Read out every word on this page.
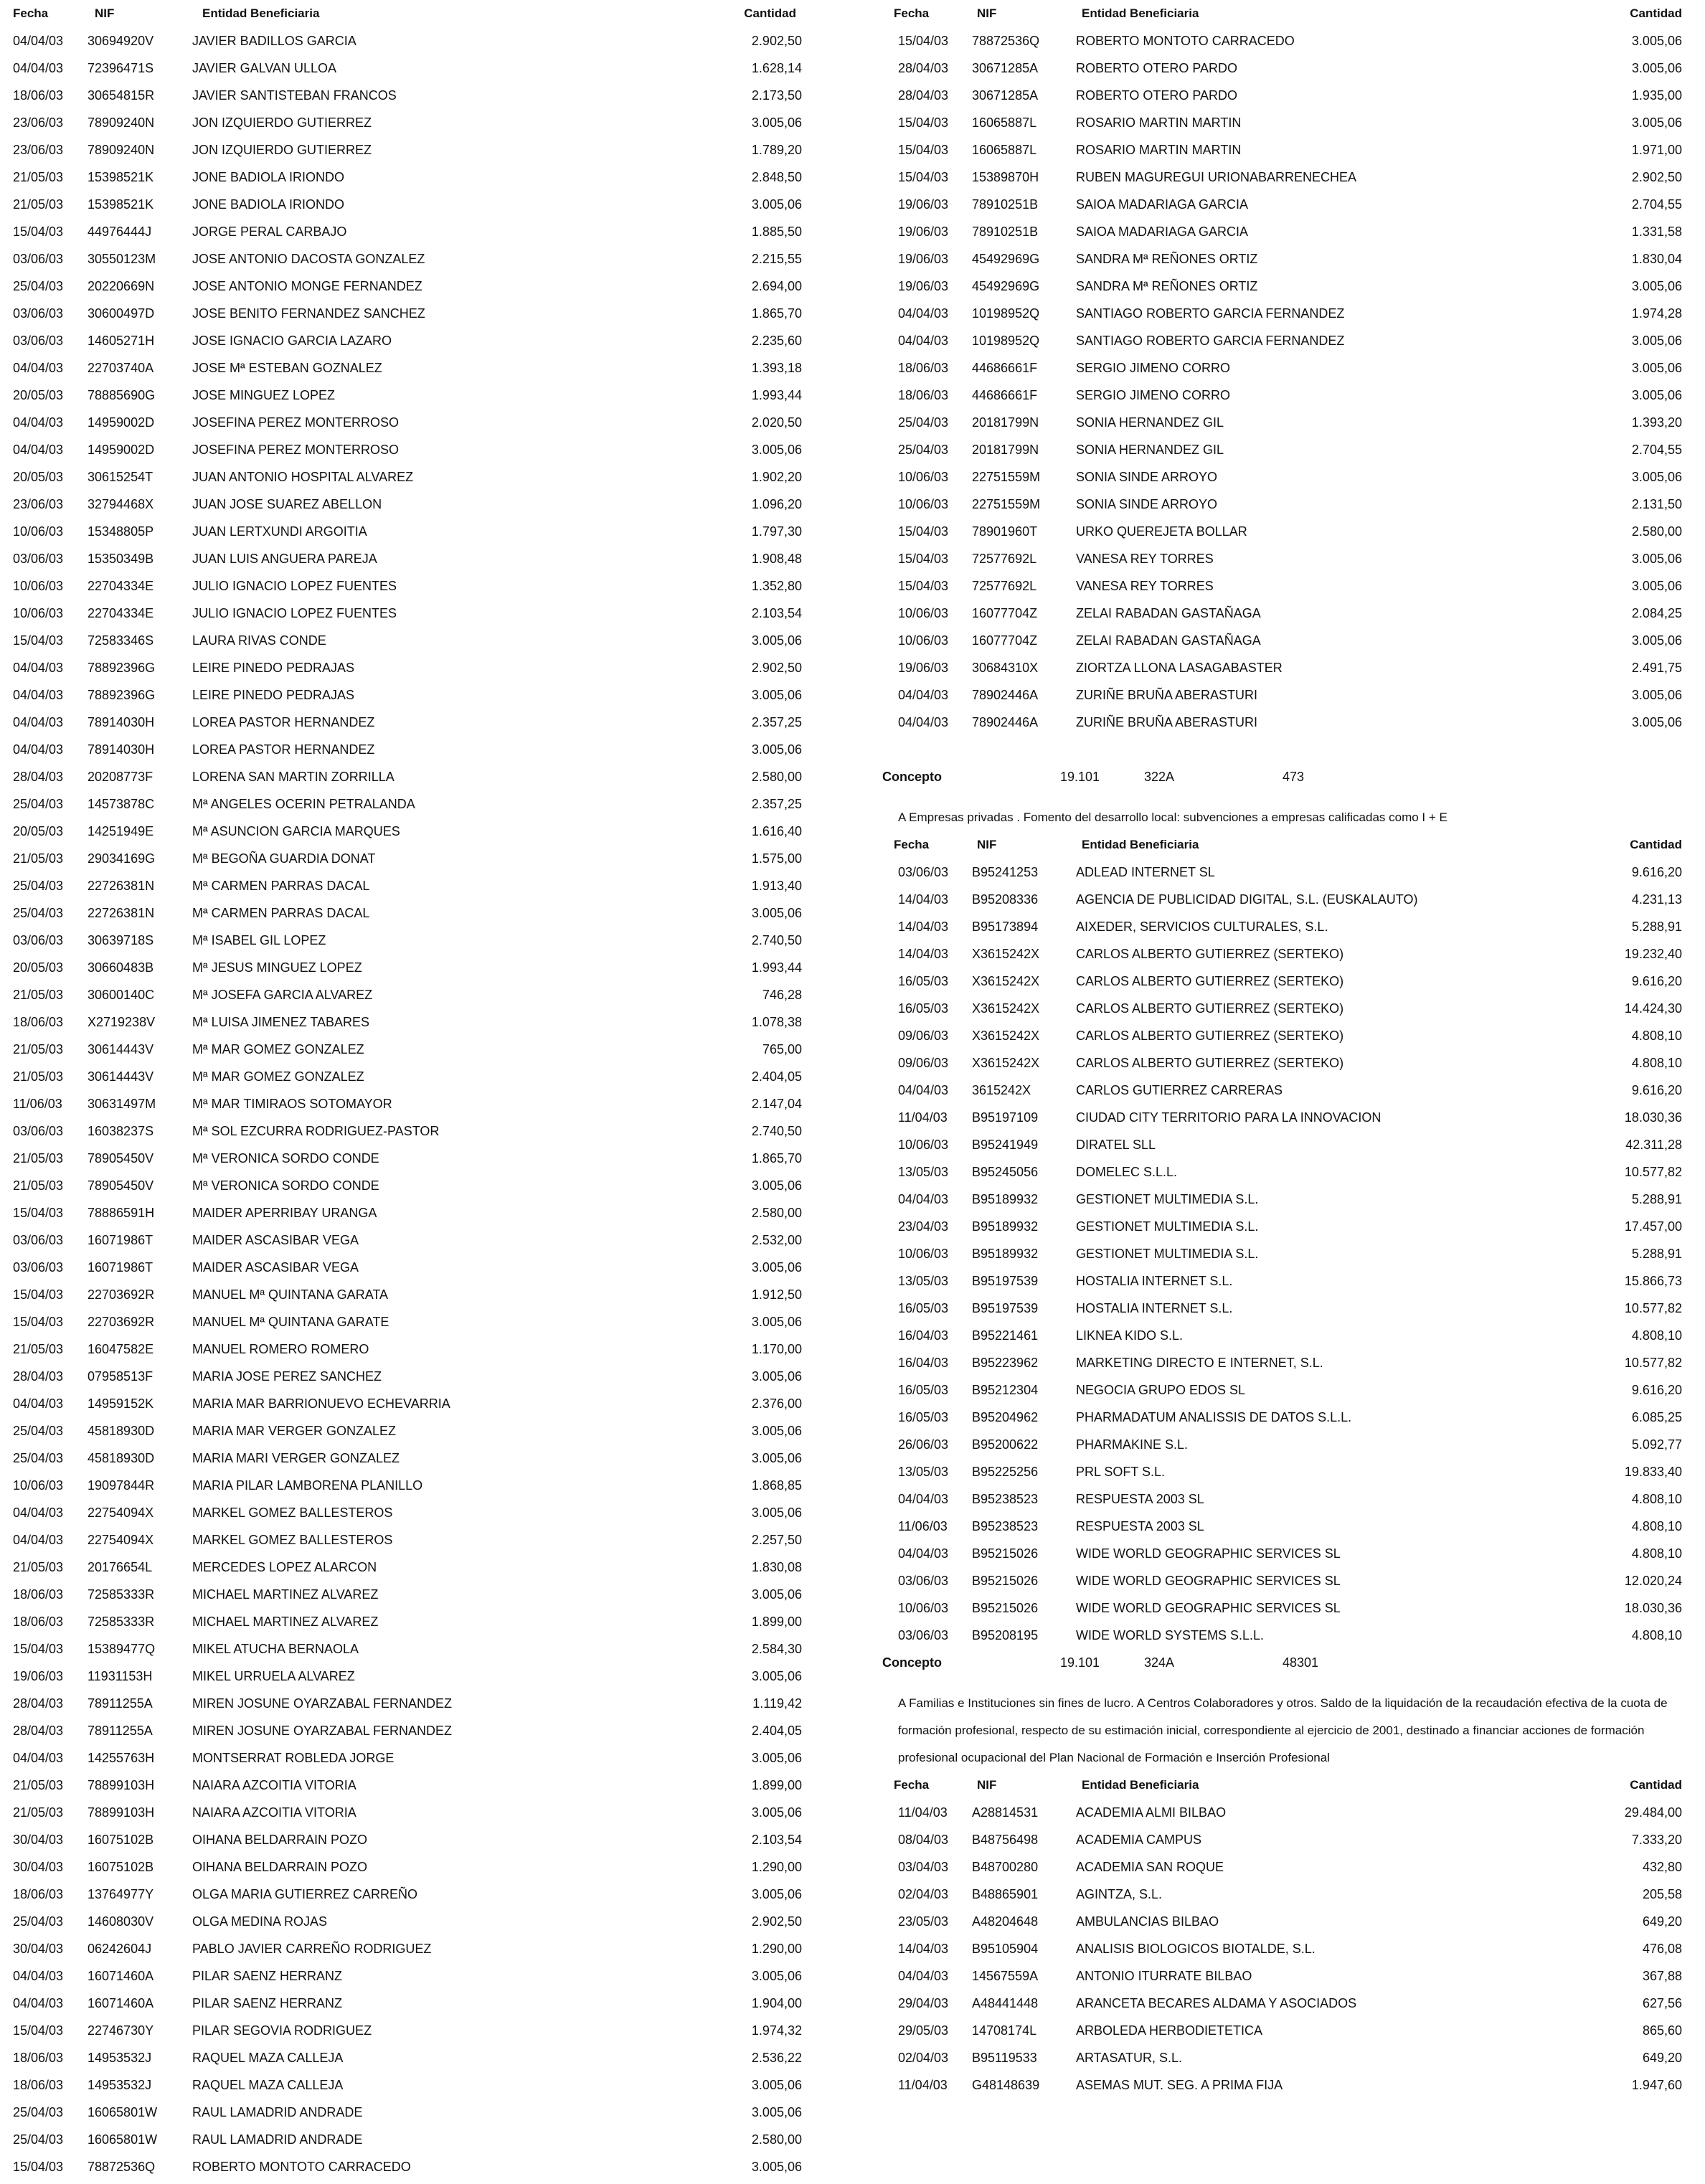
Fecha	NIF	Entidad Beneficiaria	Cantidad
04/04/03 30694920V	JAVIER BADILLOS GARCIA	2.902,50
04/04/03 72396471S	JAVIER GALVAN ULLOA	1.628,14
18/06/03 30654815R	JAVIER SANTISTEBAN FRANCOS	2.173,50
23/06/03 78909240N	JON IZQUIERDO GUTIERREZ	3.005,06
23/06/03 78909240N	JON IZQUIERDO GUTIERREZ	1.789,20
21/05/03 15398521K	JONE BADIOLA IRIONDO	2.848,50
21/05/03 15398521K	JONE BADIOLA IRIONDO	3.005,06
15/04/03 44976444J	JORGE PERAL CARBAJO	1.885,50
03/06/03 30550123M	JOSE ANTONIO DACOSTA GONZALEZ	2.215,55
25/04/03 20220669N	JOSE ANTONIO MONGE FERNANDEZ	2.694,00
03/06/03 30600497D	JOSE BENITO FERNANDEZ SANCHEZ	1.865,70
03/06/03 14605271H	JOSE IGNACIO GARCIA LAZARO	2.235,60
04/04/03 22703740A	JOSE Mª ESTEBAN GOZNALEZ	1.393,18
20/05/03 78885690G	JOSE MINGUEZ LOPEZ	1.993,44
04/04/03 14959002D	JOSEFINA PEREZ MONTERROSO	2.020,50
04/04/03 14959002D	JOSEFINA PEREZ MONTERROSO	3.005,06
20/05/03 30615254T	JUAN ANTONIO HOSPITAL ALVAREZ	1.902,20
23/06/03 32794468X	JUAN JOSE SUAREZ ABELLON	1.096,20
10/06/03 15348805P	JUAN LERTXUNDI ARGOITIA	1.797,30
03/06/03 15350349B	JUAN LUIS ANGUERA PAREJA	1.908,48
10/06/03 22704334E	JULIO IGNACIO LOPEZ FUENTES	1.352,80
10/06/03 22704334E	JULIO IGNACIO LOPEZ FUENTES	2.103,54
15/04/03 72583346S	LAURA RIVAS CONDE	3.005,06
04/04/03 78892396G	LEIRE PINEDO PEDRAJAS	2.902,50
04/04/03 78892396G	LEIRE PINEDO PEDRAJAS	3.005,06
04/04/03 78914030H	LOREA PASTOR HERNANDEZ	2.357,25
04/04/03 78914030H	LOREA PASTOR HERNANDEZ	3.005,06
28/04/03 20208773F	LORENA SAN MARTIN ZORRILLA	2.580,00
25/04/03 14573878C	Mª ANGELES OCERIN PETRALANDA	2.357,25
20/05/03 14251949E	Mª ASUNCION GARCIA MARQUES	1.616,40
21/05/03 29034169G	Mª BEGOÑA GUARDIA DONAT	1.575,00
25/04/03 22726381N	Mª CARMEN PARRAS DACAL	1.913,40
25/04/03 22726381N	Mª CARMEN PARRAS DACAL	3.005,06
03/06/03 30639718S	Mª ISABEL GIL LOPEZ	2.740,50
20/05/03 30660483B	Mª JESUS MINGUEZ LOPEZ	1.993,44
21/05/03 30600140C	Mª JOSEFA GARCIA ALVAREZ	746,28
18/06/03 X2719238V	Mª LUISA JIMENEZ TABARES	1.078,38
21/05/03 30614443V	Mª MAR GOMEZ GONZALEZ	765,00
21/05/03 30614443V	Mª MAR GOMEZ GONZALEZ	2.404,05
11/06/03 30631497M	Mª MAR TIMIRAOS SOTOMAYOR	2.147,04
03/06/03 16038237S	Mª SOL EZCURRA RODRIGUEZ-PASTOR	2.740,50
21/05/03 78905450V	Mª VERONICA SORDO CONDE	1.865,70
21/05/03 78905450V	Mª VERONICA SORDO CONDE	3.005,06
15/04/03 78886591H	MAIDER APERRIBAY URANGA	2.580,00
03/06/03 16071986T	MAIDER ASCASIBAR VEGA	2.532,00
03/06/03 16071986T	MAIDER ASCASIBAR VEGA	3.005,06
15/04/03 22703692R	MANUEL Mª QUINTANA GARATA	1.912,50
15/04/03 22703692R	MANUEL Mª QUINTANA GARATE	3.005,06
21/05/03 16047582E	MANUEL ROMERO ROMERO	1.170,00
28/04/03 07958513F	MARIA JOSE PEREZ SANCHEZ	3.005,06
04/04/03 14959152K	MARIA MAR BARRIONUEVO ECHEVARRIA	2.376,00
25/04/03 45818930D	MARIA MAR VERGER GONZALEZ	3.005,06
25/04/03 45818930D	MARIA MARI VERGER GONZALEZ	3.005,06
10/06/03 19097844R	MARIA PILAR LAMBORENA PLANILLO	1.868,85
04/04/03 22754094X	MARKEL GOMEZ BALLESTEROS	3.005,06
04/04/03 22754094X	MARKEL GOMEZ BALLESTEROS	2.257,50
21/05/03 20176654L	MERCEDES LOPEZ ALARCON	1.830,08
18/06/03 72585333R	MICHAEL MARTINEZ ALVAREZ	3.005,06
18/06/03 72585333R	MICHAEL MARTINEZ ALVAREZ	1.899,00
15/04/03 15389477Q	MIKEL ATUCHA BERNAOLA	2.584,30
19/06/03 11931153H	MIKEL URRUELA ALVAREZ	3.005,06
28/04/03 78911255A	MIREN JOSUNE OYARZABAL FERNANDEZ	1.119,42
28/04/03 78911255A	MIREN JOSUNE OYARZABAL FERNANDEZ	2.404,05
04/04/03 14255763H	MONTSERRAT ROBLEDA JORGE	3.005,06
21/05/03 78899103H	NAIARA AZCOITIA VITORIA	1.899,00
21/05/03 78899103H	NAIARA AZCOITIA VITORIA	3.005,06
30/04/03 16075102B	OIHANA BELDARRAIN POZO	2.103,54
30/04/03 16075102B	OIHANA BELDARRAIN POZO	1.290,00
18/06/03 13764977Y	OLGA MARIA GUTIERREZ CARREÑO	3.005,06
25/04/03 14608030V	OLGA MEDINA ROJAS	2.902,50
30/04/03 06242604J	PABLO JAVIER CARREÑO RODRIGUEZ	1.290,00
04/04/03 16071460A	PILAR SAENZ HERRANZ	3.005,06
04/04/03 16071460A	PILAR SAENZ HERRANZ	1.904,00
15/04/03 22746730Y	PILAR SEGOVIA RODRIGUEZ	1.974,32
18/06/03 14953532J	RAQUEL MAZA CALLEJA	2.536,22
18/06/03 14953532J	RAQUEL MAZA CALLEJA	3.005,06
25/04/03 16065801W	RAUL LAMADRID ANDRADE	3.005,06
25/04/03 16065801W	RAUL LAMADRID ANDRADE	2.580,00
15/04/03 78872536Q	ROBERTO MONTOTO CARRACEDO	3.005,06
Fecha	NIF	Entidad Beneficiaria	Cantidad
15/04/03 78872536Q	ROBERTO MONTOTO CARRACEDO	3.005,06
28/04/03 30671285A	ROBERTO OTERO PARDO	3.005,06
28/04/03 30671285A	ROBERTO OTERO PARDO	1.935,00
15/04/03 16065887L	ROSARIO MARTIN MARTIN	3.005,06
15/04/03 16065887L	ROSARIO MARTIN MARTIN	1.971,00
15/04/03 15389870H	RUBEN MAGUREGUI URIONABARRENECHEA	2.902,50
19/06/03 78910251B	SAIOA MADARIAGA GARCIA	2.704,55
19/06/03 78910251B	SAIOA MADARIAGA GARCIA	1.331,58
19/06/03 45492969G	SANDRA Mª REÑONES ORTIZ	1.830,04
19/06/03 45492969G	SANDRA Mª REÑONES ORTIZ	3.005,06
04/04/03 10198952Q	SANTIAGO ROBERTO GARCIA FERNANDEZ	1.974,28
04/04/03 10198952Q	SANTIAGO ROBERTO GARCIA FERNANDEZ	3.005,06
18/06/03 44686661F	SERGIO JIMENO CORRO	3.005,06
18/06/03 44686661F	SERGIO JIMENO CORRO	3.005,06
25/04/03 20181799N	SONIA HERNANDEZ GIL	1.393,20
25/04/03 20181799N	SONIA HERNANDEZ GIL	2.704,55
10/06/03 22751559M	SONIA SINDE ARROYO	3.005,06
10/06/03 22751559M	SONIA SINDE ARROYO	2.131,50
15/04/03 78901960T	URKO QUEREJETA BOLLAR	2.580,00
15/04/03 72577692L	VANESA REY TORRES	3.005,06
15/04/03 72577692L	VANESA REY TORRES	3.005,06
10/06/03 16077704Z	ZELAI RABADAN GASTAÑAGA	2.084,25
10/06/03 16077704Z	ZELAI RABADAN GASTAÑAGA	3.005,06
19/06/03 30684310X	ZIORTZA LLONA LASAGABASTER	2.491,75
04/04/03 78902446A	ZURIÑE BRUÑA ABERASTURI	3.005,06
04/04/03 78902446A	ZURIÑE BRUÑA ABERASTURI	3.005,06
Concepto	19.101	322A	473
A Empresas privadas . Fomento del desarrollo local: subvenciones a empresas calificadas como I + E
Fecha	NIF	Entidad Beneficiaria	Cantidad
03/06/03 B95241253	ADLEAD INTERNET SL	9.616,20
14/04/03 B95208336	AGENCIA DE PUBLICIDAD DIGITAL, S.L. (EUSKALAUTO)	4.231,13
14/04/03 B95173894	AIXEDER, SERVICIOS CULTURALES, S.L.	5.288,91
14/04/03 X3615242X	CARLOS ALBERTO GUTIERREZ (SERTEKO)	19.232,40
16/05/03 X3615242X	CARLOS ALBERTO GUTIERREZ (SERTEKO)	9.616,20
16/05/03 X3615242X	CARLOS ALBERTO GUTIERREZ (SERTEKO)	14.424,30
09/06/03 X3615242X	CARLOS ALBERTO GUTIERREZ (SERTEKO)	4.808,10
09/06/03 X3615242X	CARLOS ALBERTO GUTIERREZ (SERTEKO)	4.808,10
04/04/03 3615242X	CARLOS GUTIERREZ CARRERAS	9.616,20
11/04/03 B95197109	CIUDAD CITY TERRITORIO PARA LA INNOVACION	18.030,36
10/06/03 B95241949	DIRATEL SLL	42.311,28
13/05/03 B95245056	DOMELEC S.L.L.	10.577,82
04/04/03 B95189932	GESTIONET MULTIMEDIA S.L.	5.288,91
23/04/03 B95189932	GESTIONET MULTIMEDIA S.L.	17.457,00
10/06/03 B95189932	GESTIONET MULTIMEDIA S.L.	5.288,91
13/05/03 B95197539	HOSTALIA INTERNET S.L.	15.866,73
16/05/03 B95197539	HOSTALIA INTERNET S.L.	10.577,82
16/04/03 B95221461	LIKNEA KIDO S.L.	4.808,10
16/04/03 B95223962	MARKETING DIRECTO E INTERNET, S.L.	10.577,82
16/05/03 B95212304	NEGOCIA GRUPO EDOS SL	9.616,20
16/05/03 B95204962	PHARMADATUM ANALISSIS DE DATOS S.L.L.	6.085,25
26/06/03 B95200622	PHARMAKINE S.L.	5.092,77
13/05/03 B95225256	PRL SOFT S.L.	19.833,40
04/04/03 B95238523	RESPUESTA 2003 SL	4.808,10
11/06/03 B95238523	RESPUESTA 2003 SL	4.808,10
04/04/03 B95215026	WIDE WORLD GEOGRAPHIC SERVICES SL	4.808,10
03/06/03 B95215026	WIDE WORLD GEOGRAPHIC SERVICES SL	12.020,24
10/06/03 B95215026	WIDE WORLD GEOGRAPHIC SERVICES SL	18.030,36
03/06/03 B95208195	WIDE WORLD SYSTEMS S.L.L.	4.808,10
Concepto	19.101	324A	48301
A Familias e Instituciones sin fines de lucro. A Centros Colaboradores y otros. Saldo de la liquidación de la recaudación efectiva de la cuota de formación profesional, respecto de su estimación inicial, correspondiente al ejercicio de 2001, destinado a financiar acciones de formación profesional ocupacional del Plan Nacional de Formación e Inserción Profesional
Fecha	NIF	Entidad Beneficiaria	Cantidad
11/04/03 A28814531	ACADEMIA ALMI BILBAO	29.484,00
08/04/03 B48756498	ACADEMIA CAMPUS	7.333,20
03/04/03 B48700280	ACADEMIA SAN ROQUE	432,80
02/04/03 B48865901	AGINTZA, S.L.	205,58
23/05/03 A48204648	AMBULANCIAS BILBAO	649,20
14/04/03 B95105904	ANALISIS BIOLOGICOS BIOTALDE, S.L.	476,08
04/04/03 14567559A	ANTONIO ITURRATE BILBAO	367,88
29/04/03 A48441448	ARANCETA BECARES ALDAMA Y ASOCIADOS	627,56
29/05/03 14708174L	ARBOLEDA HERBODIETETICA	865,60
02/04/03 B95119533	ARTASATUR, S.L.	649,20
11/04/03 G48148639	ASEMAS MUT. SEG. A PRIMA FIJA	1.947,60
